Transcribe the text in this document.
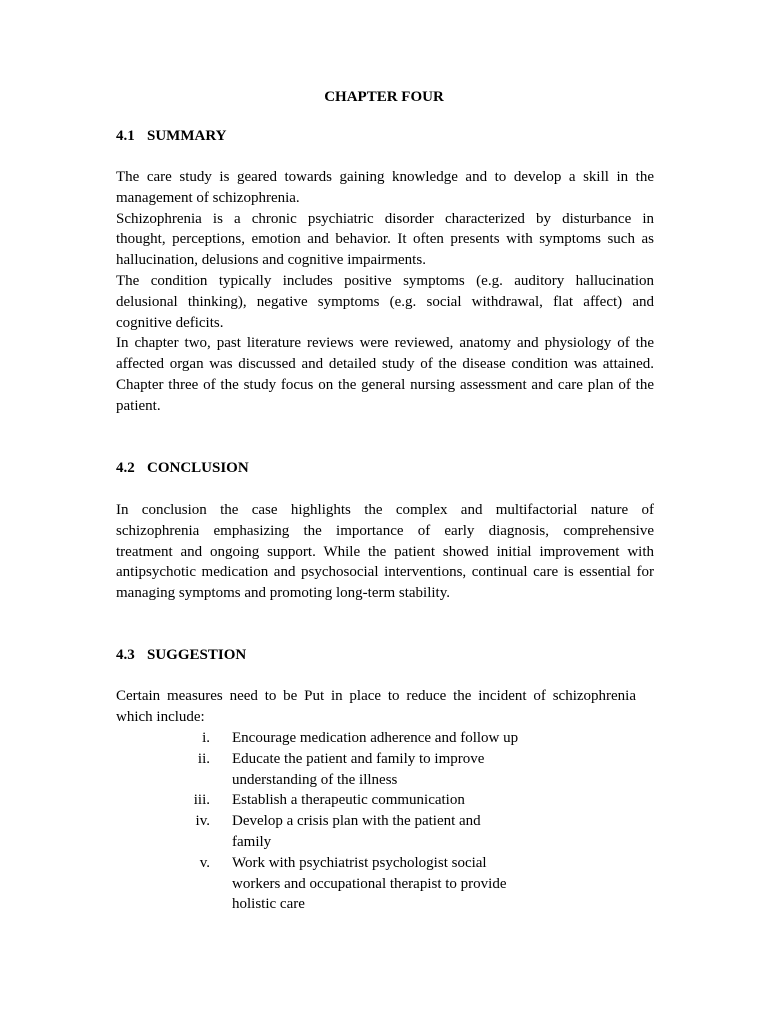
CHAPTER FOUR
4.1 SUMMARY
The care study is geared towards gaining knowledge and to develop a skill in the
management of schizophrenia.
Schizophrenia is a chronic psychiatric disorder characterized by disturbance in
thought, perceptions, emotion and behavior. It often presents with symptoms such as
hallucination, delusions and cognitive impairments.
The condition typically includes positive symptoms (e.g. auditory hallucination
delusional thinking), negative symptoms (e.g. social withdrawal, flat affect) and
cognitive deficits.
In chapter two, past literature reviews were reviewed, anatomy and physiology of the
affected organ was discussed and detailed study of the disease condition was attained.
Chapter three of the study focus on the general nursing assessment and care plan of the
patient.
4.2 CONCLUSION
In conclusion the case highlights the complex and multifactorial nature of
schizophrenia emphasizing the importance of early diagnosis, comprehensive
treatment and ongoing support. While the patient showed initial improvement with
antipsychotic medication and psychosocial interventions, continual care is essential for
managing symptoms and promoting long-term stability.
4.3 SUGGESTION
Certain measures need to be Put in place to reduce the incident of schizophrenia
which include:
i. Encourage medication adherence and follow up
ii. Educate the patient and family to improve understanding of the illness
iii. Establish a therapeutic communication
iv. Develop a crisis plan with the patient and family
v. Work with psychiatrist psychologist social workers and occupational therapist to provide holistic care
